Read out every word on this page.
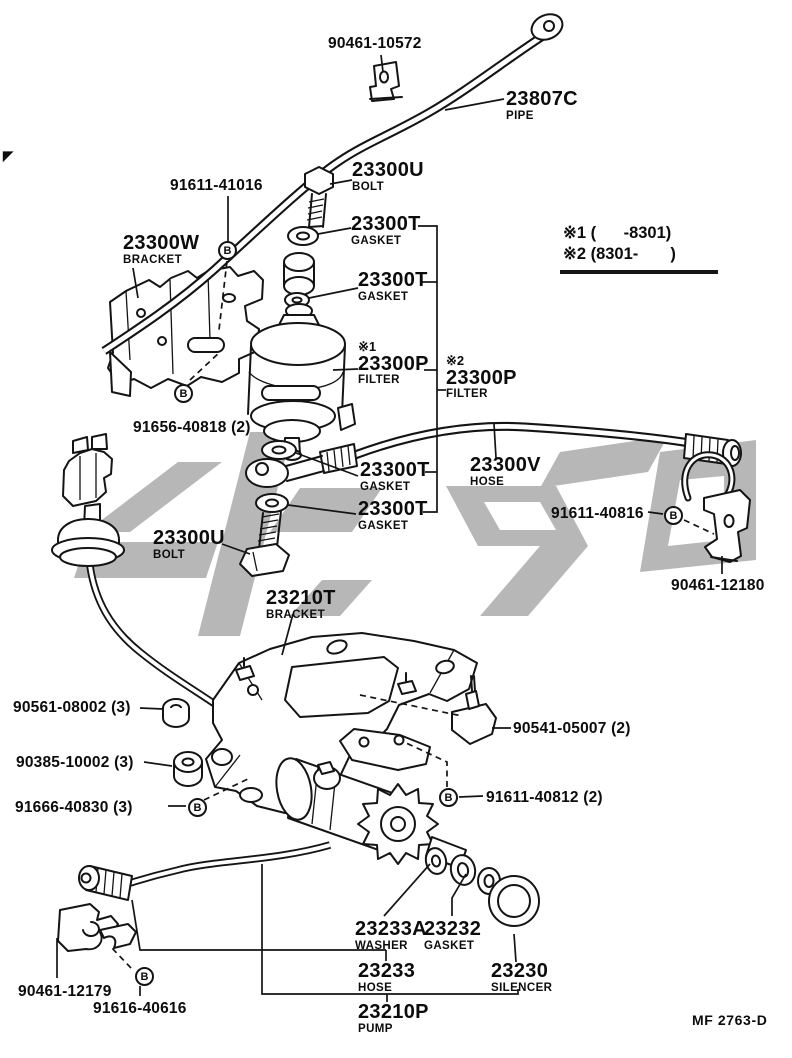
◤
※1 (      -8301)
※2 (8301-       )
90461-10572
23807C
PIPE
23300U
BOLT
91611-41016
23300W
BRACKET
23300T
GASKET
23300T
GASKET
※1
23300P
FILTER
※2
23300P
FILTER
23300T
GASKET
23300V
HOSE
91611-40816
23300T
GASKET
23300U
BOLT
91656-40818 (2)
90461-12180
23210T
BRACKET
90561-08002 (3)
90541-05007 (2)
90385-10002 (3)
91666-40830 (3)
91611-40812 (2)
23233A
WASHER
23232
GASKET
23233
HOSE
23230
SILENCER
23210P
PUMP
90461-12179
91616-40616
B
B
B
B
B
B
MF 2763-D
